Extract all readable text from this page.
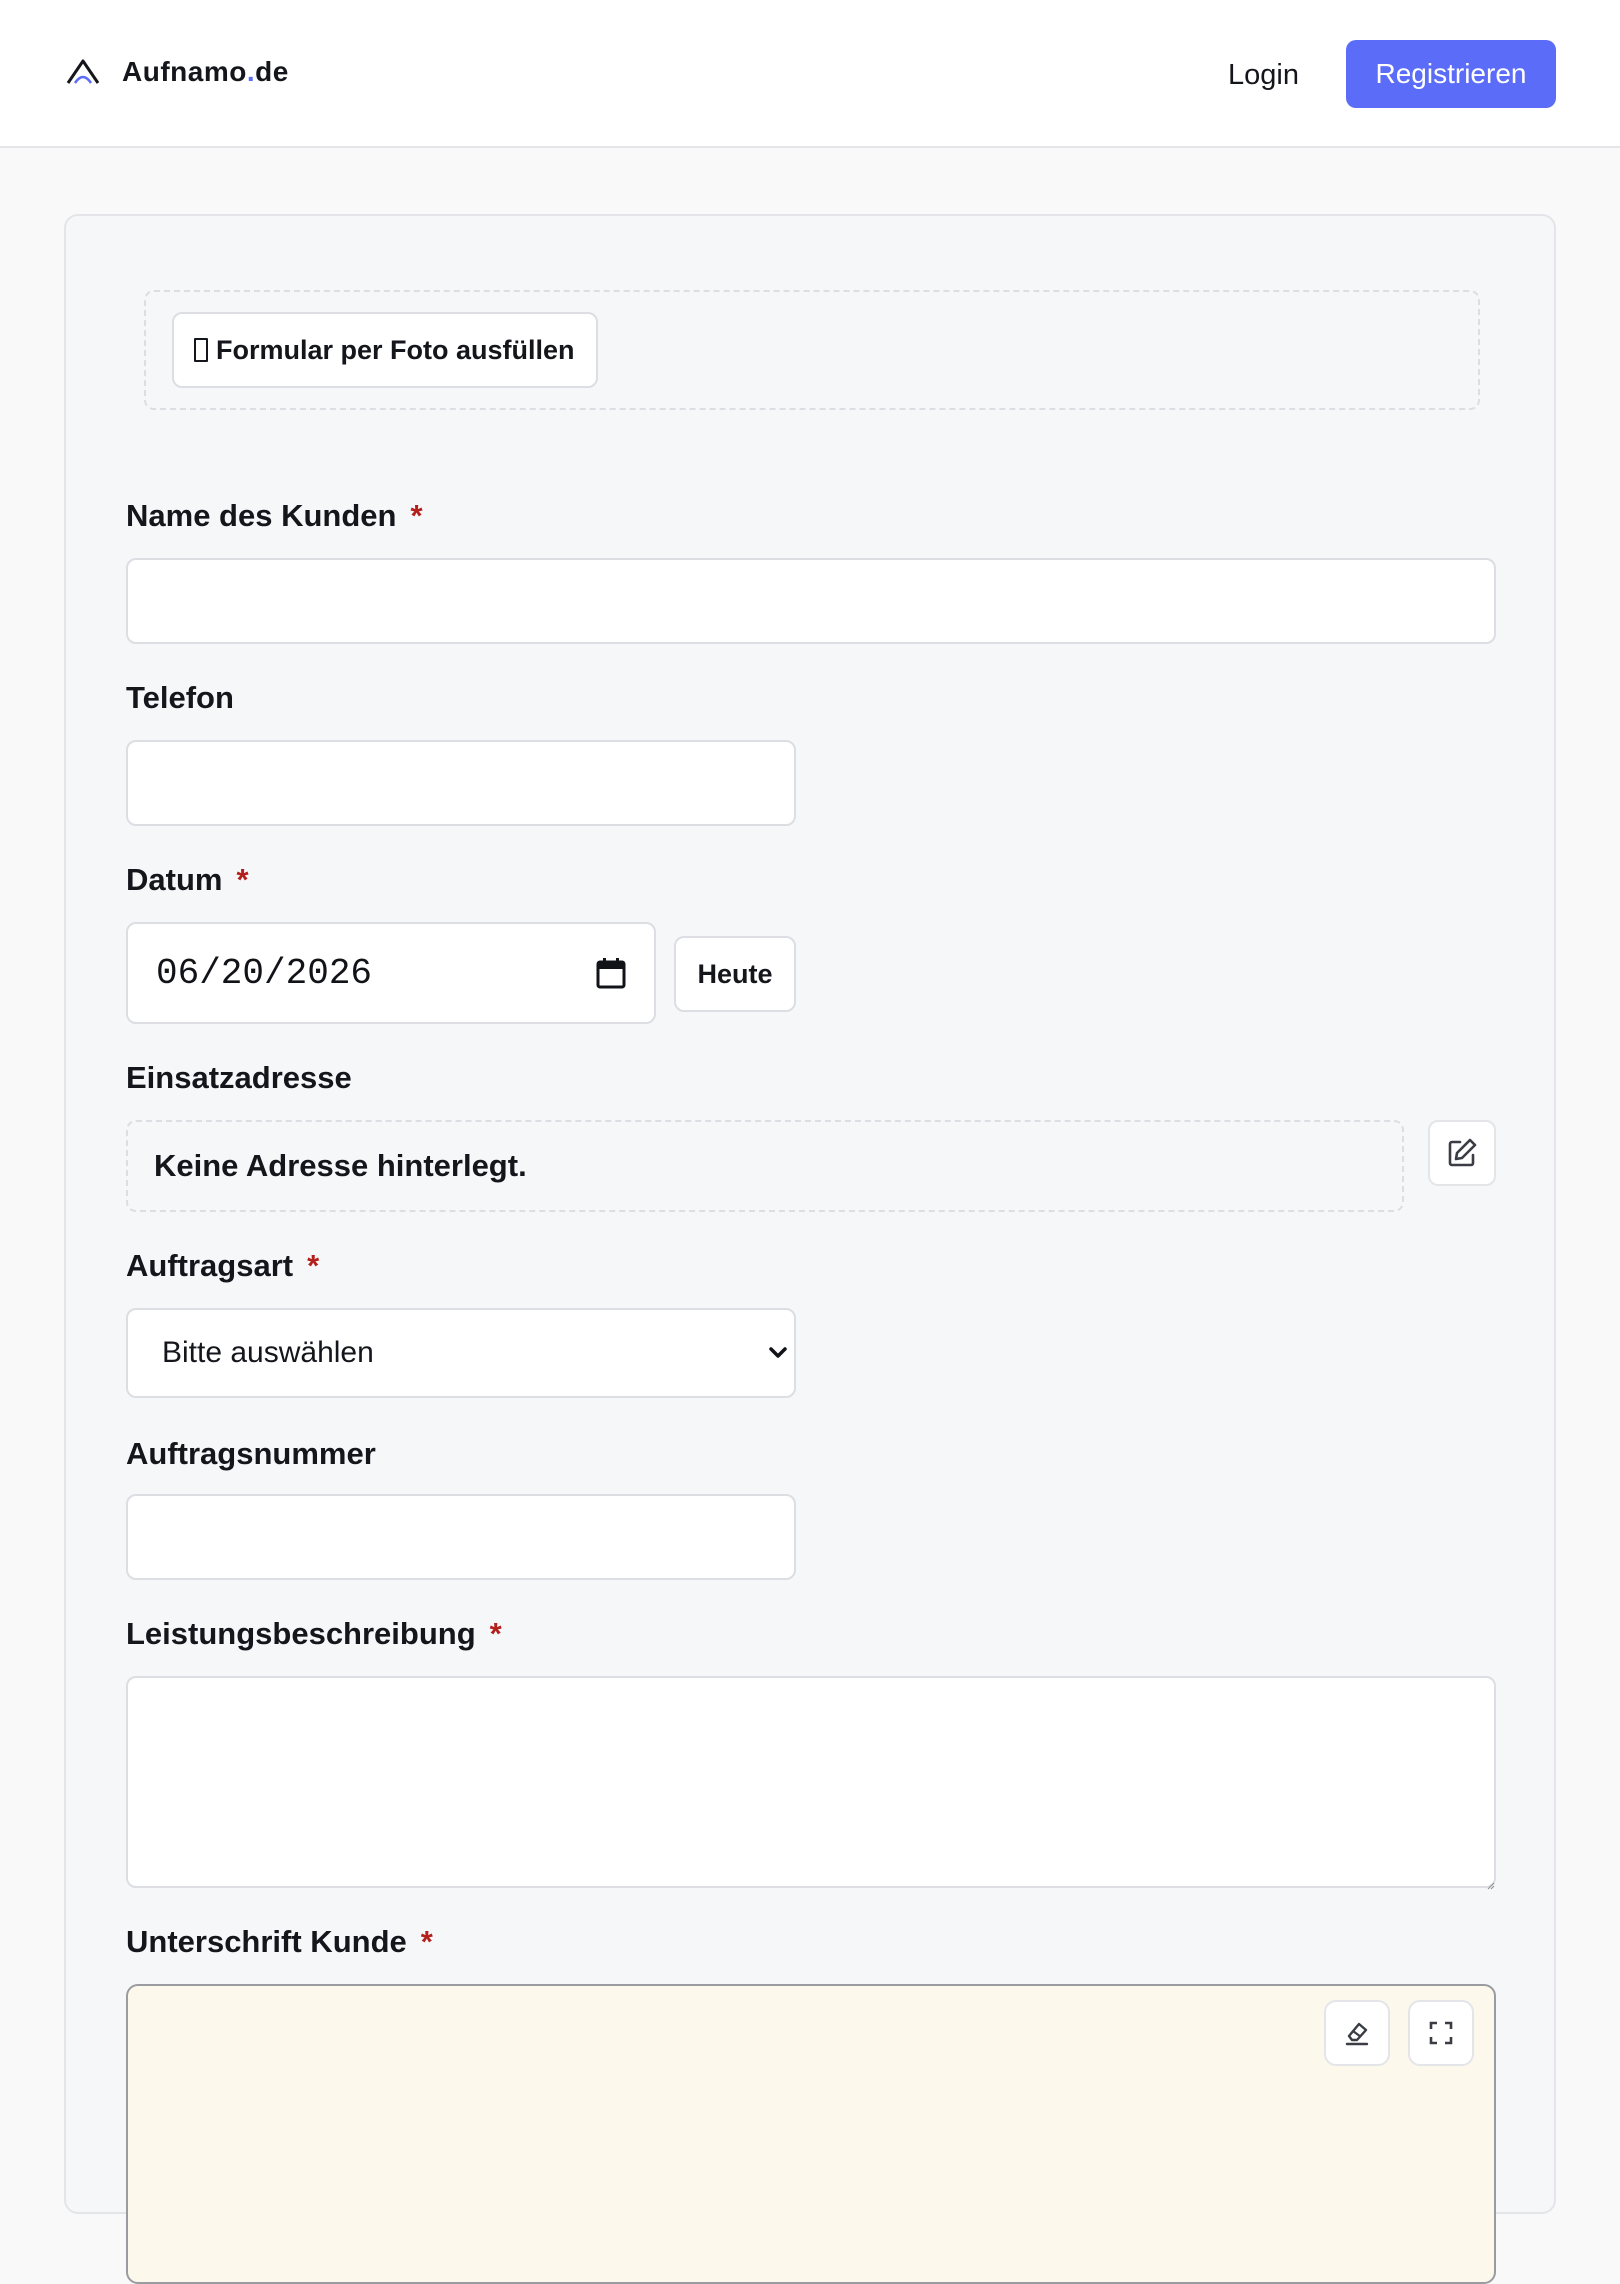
Aufnamo.de	Login	Registrieren
Formular per Foto ausfüllen
Name des Kunden *
Telefon
Datum *
06/20/2026	Heute
Einsatzadresse
Keine Adresse hinterlegt.
Auftragsart *
Bitte auswählen
Auftragsnummer
Leistungsbeschreibung *
Unterschrift Kunde *
